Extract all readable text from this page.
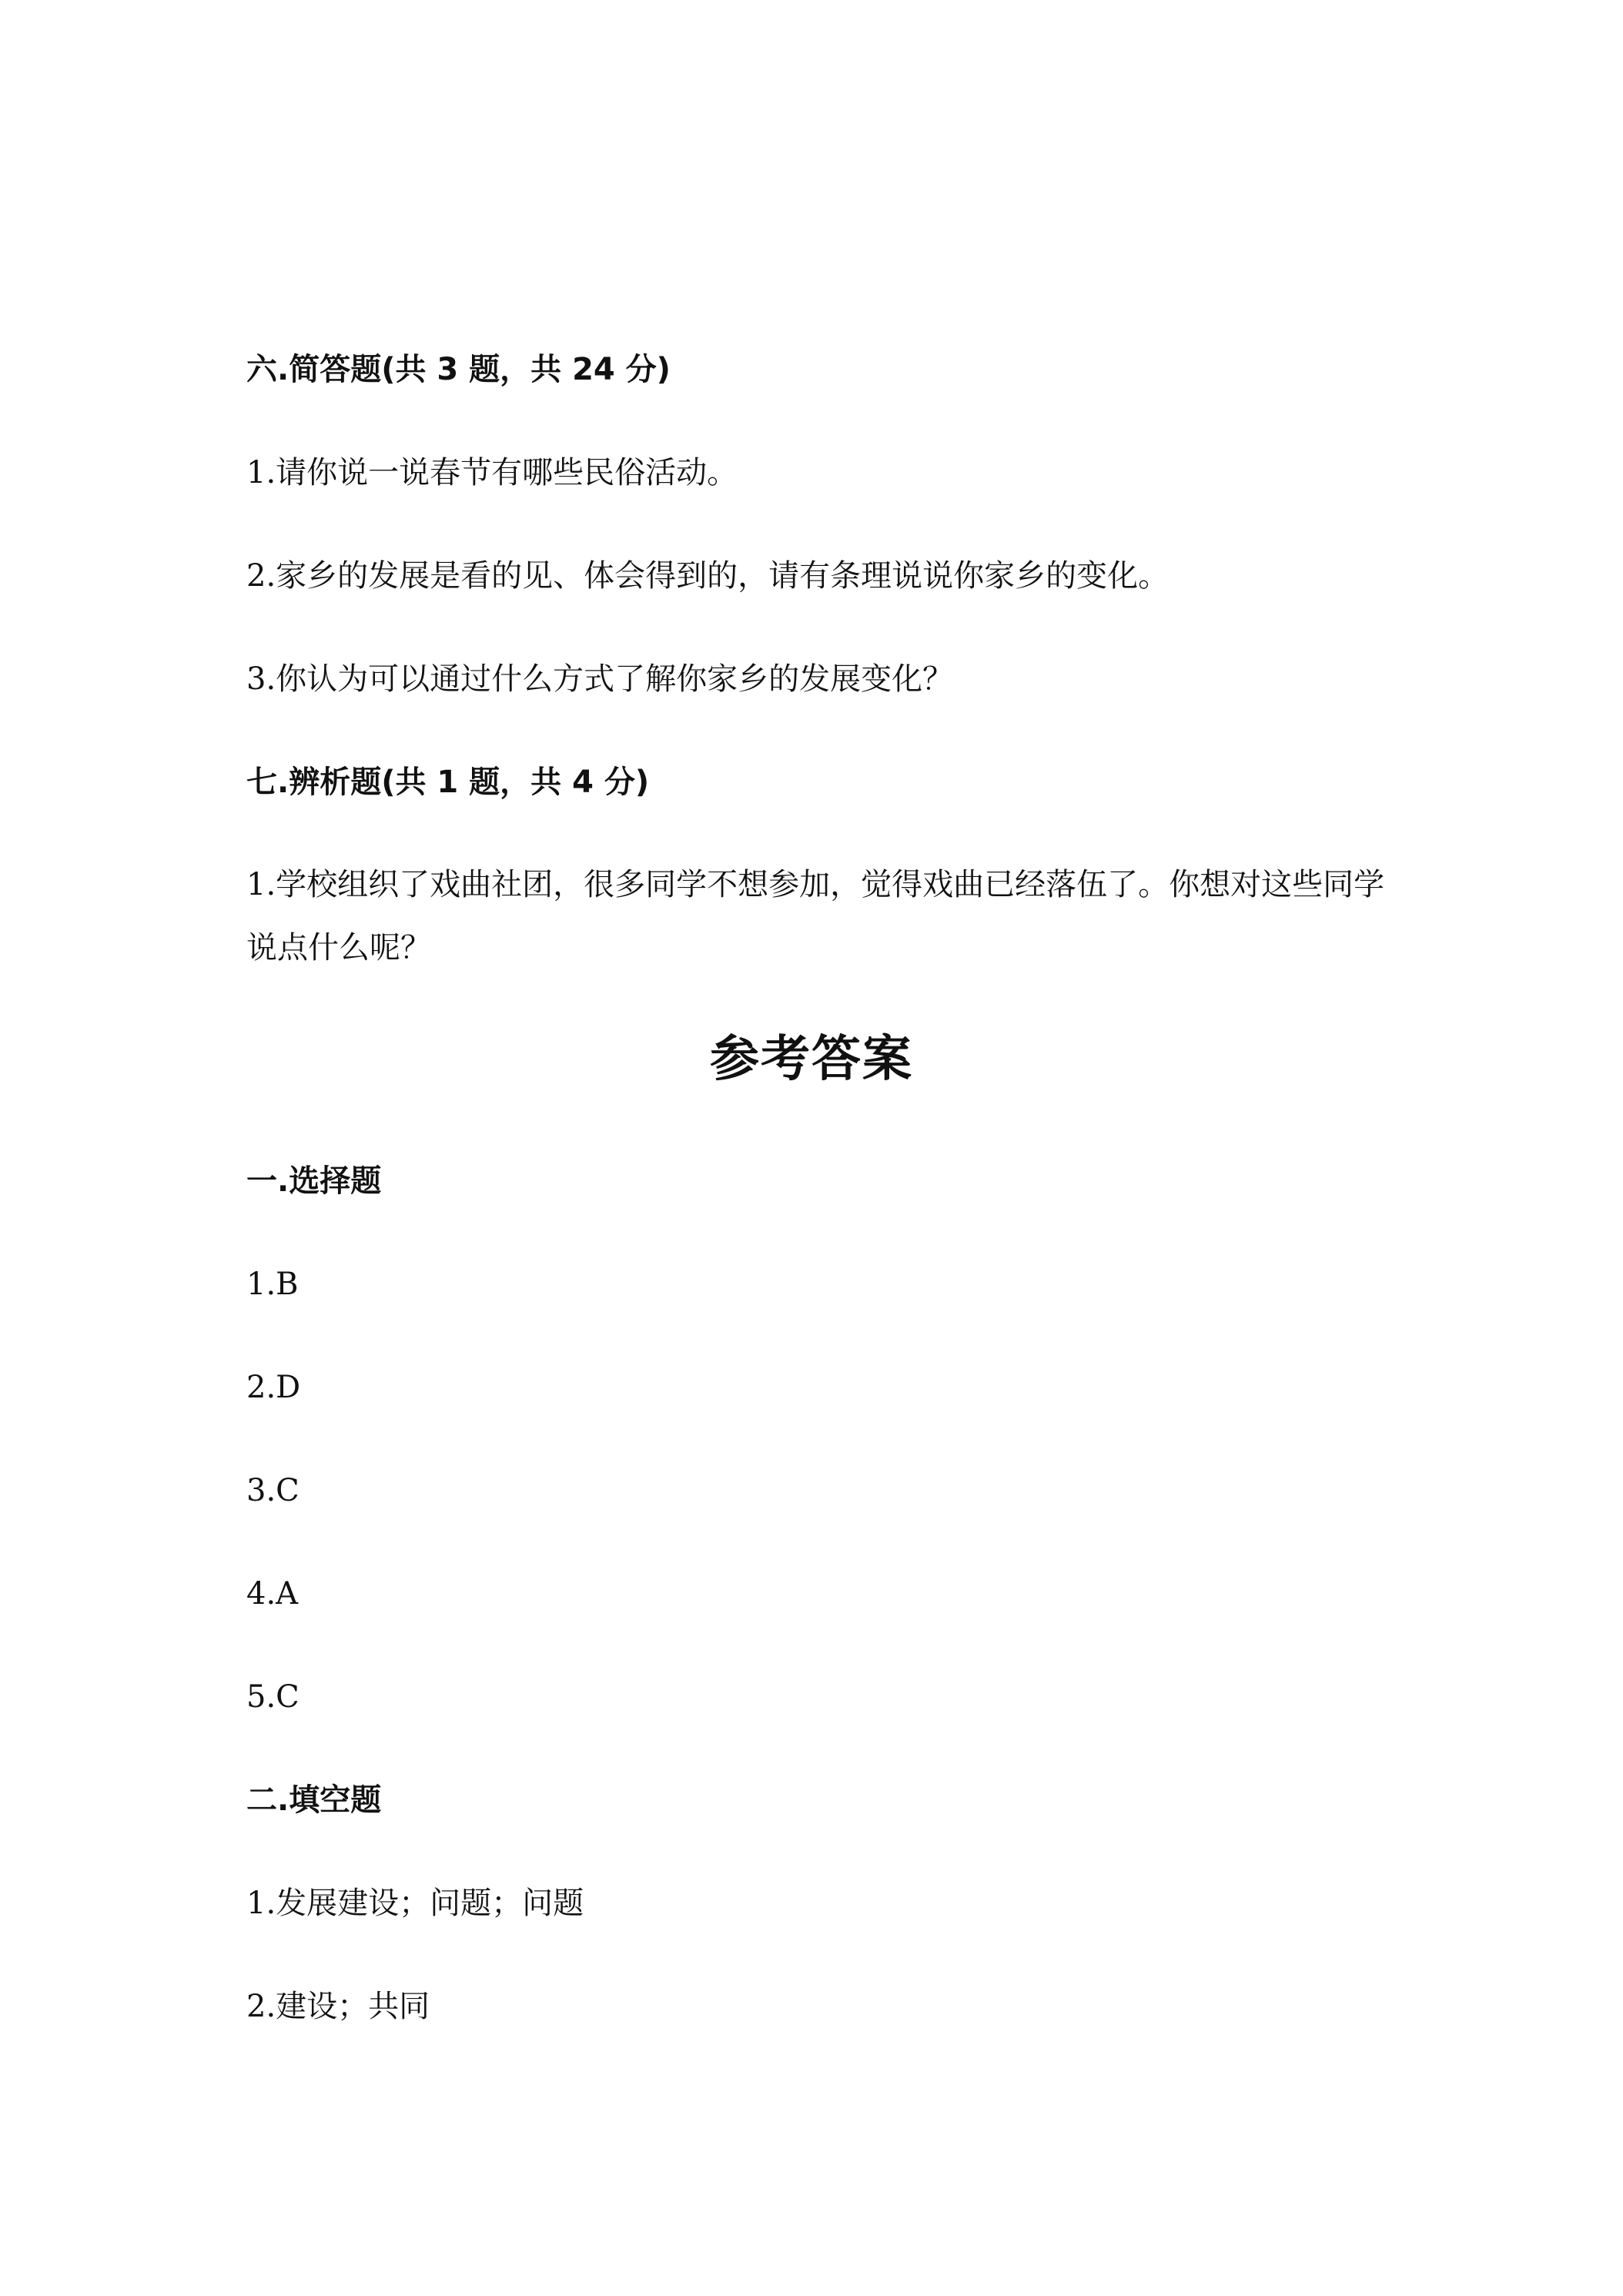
六.简答题(共 3 题，共 24 分)
1.请你说一说春节有哪些民俗活动。
2.家乡的发展是看的见、体会得到的，请有条理说说你家乡的变化。
3.你认为可以通过什么方式了解你家乡的发展变化？
七.辨析题(共 1 题，共 4 分)
1.学校组织了戏曲社团，很多同学不想参加，觉得戏曲已经落伍了。你想对这些同学说点什么呢？
参考答案
一.选择题
1.B
2.D
3.C
4.A
5.C
二.填空题
1.发展建设；问题；问题
2.建设；共同
